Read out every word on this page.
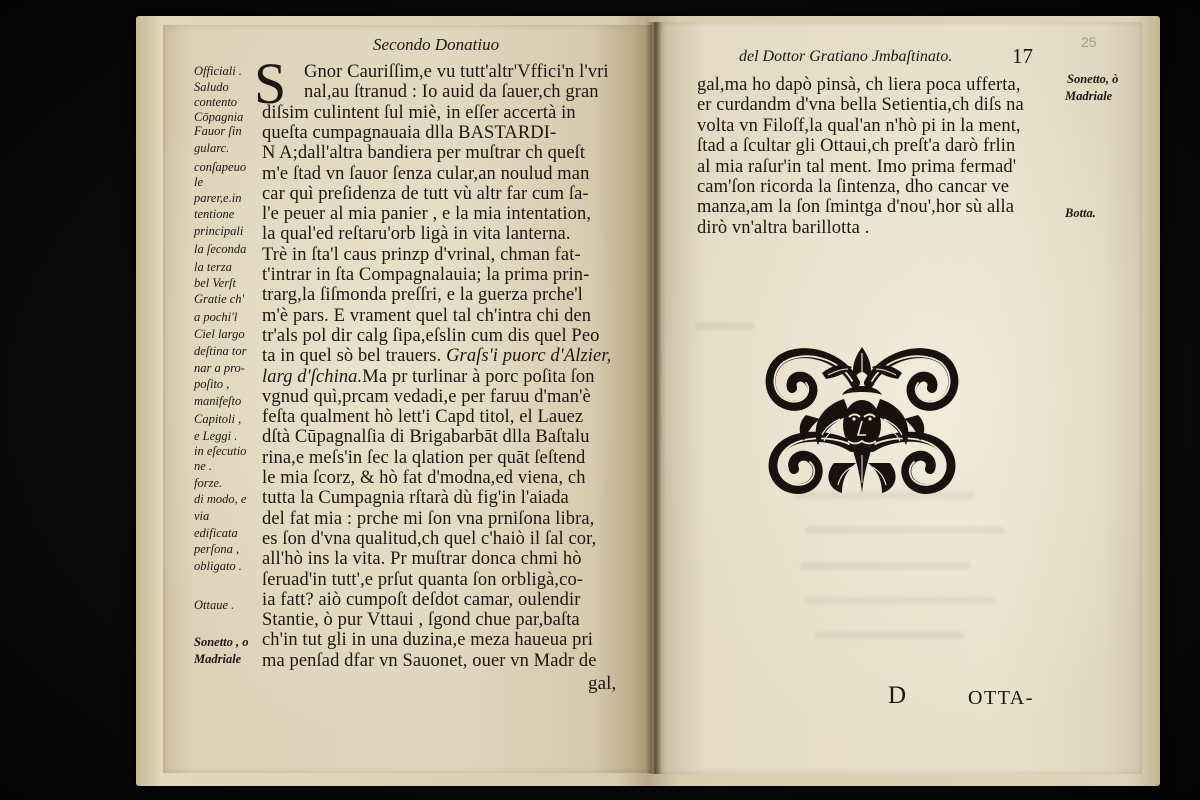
Secondo Donatiuo
S Gnor Cauriſſim,e vu tutt'altr'Vffici'n l'vri
nal,au ſtranud : Io auid da ſauer,ch gran
diſsim culintent ſul miè, in eſſer accertà in
queſta cumpagnauaia dlla BASTARDI-
N A;dall'altra bandiera per muſtrar ch queſt
m'e ſtad vn ſauor ſenza cular,an noulud man
car quì preſidenza de tutt vù altr far cum ſa-
l'e peuer al mia panier , e la mia intentation,
la qual'ed reſtaru'orb ligà in vita lanterna.
Trè in ſta'l caus prinzp d'vrinal, chman fat-
t'intrar in ſta Compagnalauia; la prima prin-
trarg,la ſiſmonda preſſri, e la guerza prche'l
m'è pars. E vrament quel tal ch'intra chi den
tr'als pol dir calg ſipa,eſslin cum dis quel Peo
ta in quel sò bel trauers. Graſs'i puorc d'Alzier,
larg d'ſchina.Ma pr turlinar à porc poſita ſon
vgnud quì,prcam vedadi,e per faruu d'man'è
feſta qualment hò lett'i Capd titol, el Lauez
dſtà Cūpagnalſia di Brigabarbāt dlla Baſtalu
rina,e meſs'in ſec la qlation per quāt ſeſtend
le mia ſcorz, & hò fat d'modna,ed viena, ch
tutta la Cumpagnia rſtarà dù fig'in l'aiada
del fat mia : prche mi ſon vna prniſona libra,
es ſon d'vna qualitud,ch quel c'haiò il ſal cor,
all'hò ins la vita. Pr muſtrar donca chmi hò
ſeruad'in tutt',e prſut quanta ſon orbligà,co-
ia fatt? aiò cumpoſt deſdot camar, oulendir
Stantie, ò pur Vttaui , ſgond chue par,baſta
ch'in tut gli in una duzina,e meza haueua pri
ma penſad dfar vn Sauonet, ouer vn Madr de
Officiali .
Saludo
contento
Cōpagnia
Fauor ſin
gularc.
conſapeuo
le
parer,e.in
tentione
principali
la ſeconda
la terza
bel Verſt
Gratie ch'
a pochi'l
Ciel largo
deſtina tor
nar a pro-
poſito ,
manifeſto
Capitoli ,
e Leggi .
in eſecutio
ne .
forze.
di modo, e
via
edificata
perſona ,
obligato .
Ottaue .
Sonetto , o
Madriale
gal,
del Dottor Gratiano Jmbaſtinato.	17
25
gal,ma ho dapò pinsà, ch liera poca ufferta,
er curdandm d'vna bella Setientia,ch diſs na
volta vn Filoſf,la qual'an n'hò pi in la ment,
ſtad a ſcultar gli Ottaui,ch preſt'a darò frlin
al mia raſur'in tal ment. Imo prima fermad'
cam'ſon ricorda la ſintenza, dho cancar ve
manza,am la ſon ſmintga d'nou',hor sù alla
dirò vn'altra barillotta .
Sonetto, ò
Madriale
Botta.
D	OTTA-
